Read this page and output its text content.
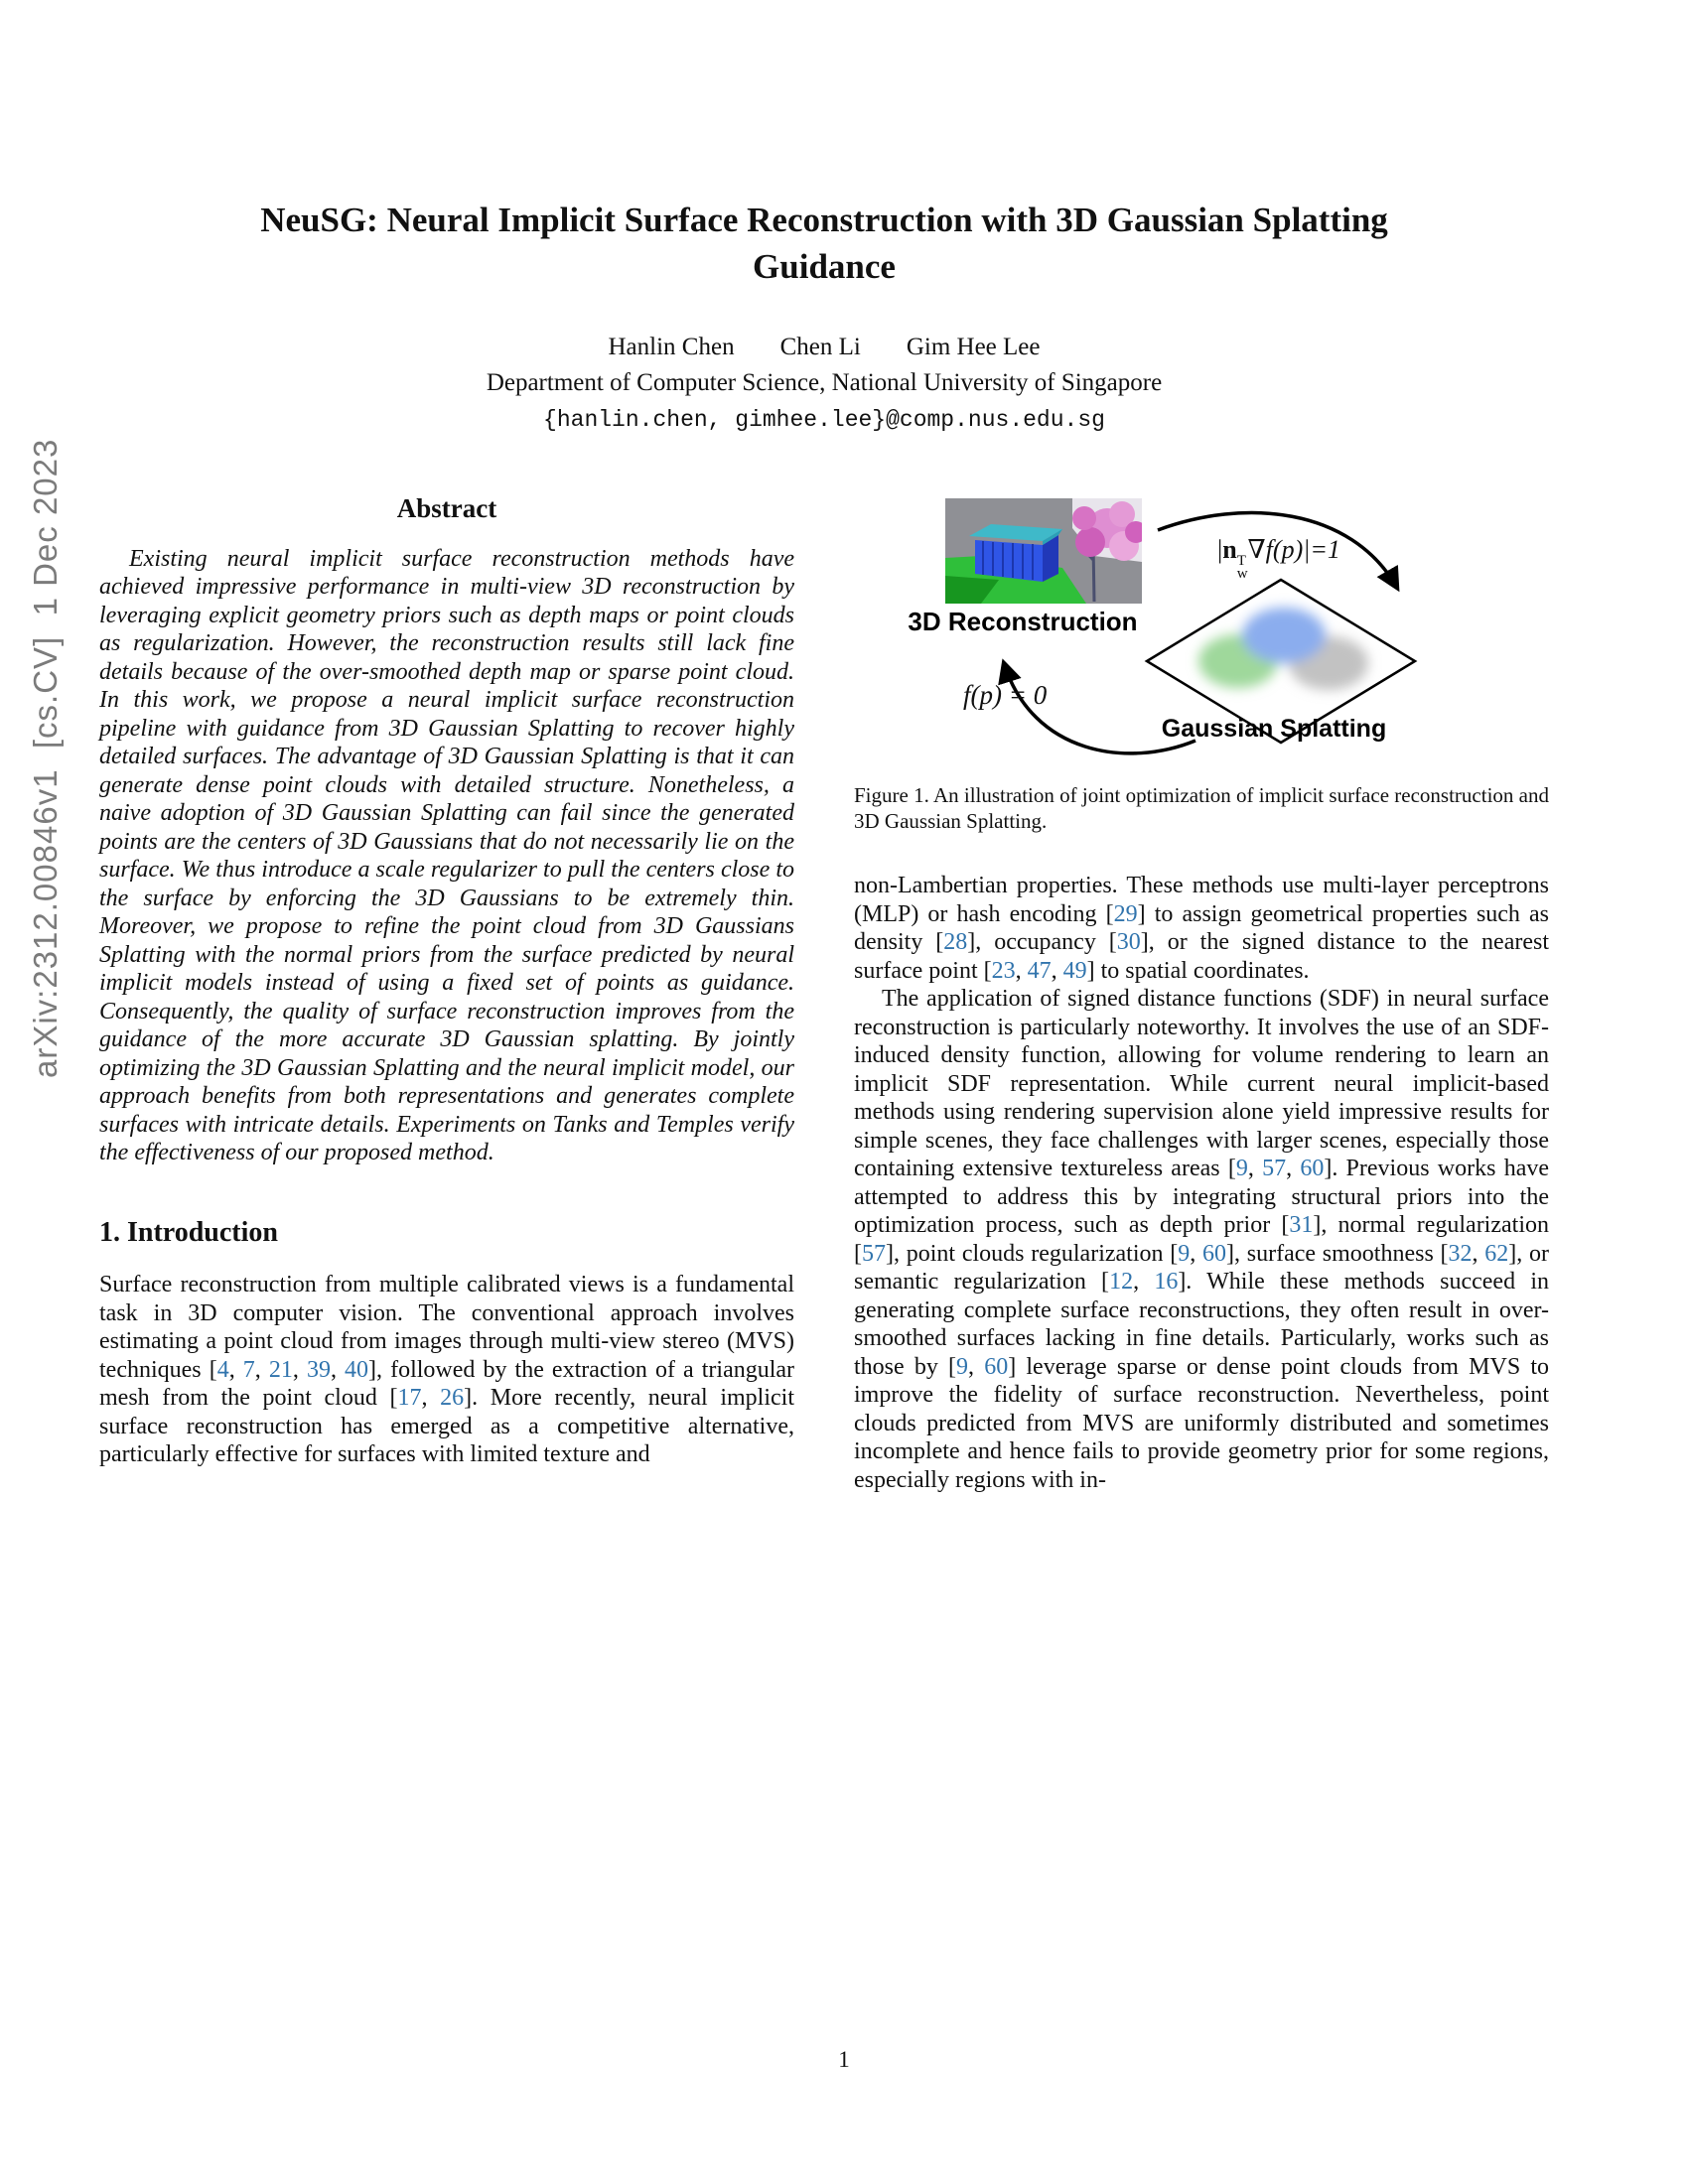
arXiv:2312.00846v1  [cs.CV]  1 Dec 2023
NeuSG: Neural Implicit Surface Reconstruction with 3D Gaussian Splatting
Guidance
Hanlin Chen Chen Li Gim Hee Lee
Department of Computer Science, National University of Singapore
{hanlin.chen, gimhee.lee}@comp.nus.edu.sg
Abstract
Existing neural implicit surface reconstruction methods have achieved impressive performance in multi-view 3D reconstruction by leveraging explicit geometry priors such as depth maps or point clouds as regularization. However, the reconstruction results still lack fine details because of the over-smoothed depth map or sparse point cloud. In this work, we propose a neural implicit surface reconstruction pipeline with guidance from 3D Gaussian Splatting to recover highly detailed surfaces. The advantage of 3D Gaussian Splatting is that it can generate dense point clouds with detailed structure. Nonetheless, a naive adoption of 3D Gaussian Splatting can fail since the generated points are the centers of 3D Gaussians that do not necessarily lie on the surface. We thus introduce a scale regularizer to pull the centers close to the surface by enforcing the 3D Gaussians to be extremely thin. Moreover, we propose to refine the point cloud from 3D Gaussians Splatting with the normal priors from the surface predicted by neural implicit models instead of using a fixed set of points as guidance. Consequently, the quality of surface reconstruction improves from the guidance of the more accurate 3D Gaussian splatting. By jointly optimizing the 3D Gaussian Splatting and the neural implicit model, our approach benefits from both representations and generates complete surfaces with intricate details. Experiments on Tanks and Temples verify the effectiveness of our proposed method.
1. Introduction
Surface reconstruction from multiple calibrated views is a fundamental task in 3D computer vision. The conventional approach involves estimating a point cloud from images through multi-view stereo (MVS) techniques [4, 7, 21, 39, 40], followed by the extraction of a triangular mesh from the point cloud [17, 26]. More recently, neural implicit surface reconstruction has emerged as a competitive alternative, particularly effective for surfaces with limited texture and
3D Reconstruction
Gaussian Splatting
|n T
w
∇f(p)|=1
f(p) = 0
Figure 1. An illustration of joint optimization of implicit surface reconstruction and 3D Gaussian Splatting.
non-Lambertian properties. These methods use multi-layer perceptrons (MLP) or hash encoding [29] to assign geometrical properties such as density [28], occupancy [30], or the signed distance to the nearest surface point [23, 47, 49] to spatial coordinates.
The application of signed distance functions (SDF) in neural surface reconstruction is particularly noteworthy. It involves the use of an SDF-induced density function, allowing for volume rendering to learn an implicit SDF representation. While current neural implicit-based methods using rendering supervision alone yield impressive results for simple scenes, they face challenges with larger scenes, especially those containing extensive textureless areas [9, 57, 60]. Previous works have attempted to address this by integrating structural priors into the optimization process, such as depth prior [31], normal regularization [57], point clouds regularization [9, 60], surface smoothness [32, 62], or semantic regularization [12, 16]. While these methods succeed in generating complete surface reconstructions, they often result in over-smoothed surfaces lacking in fine details. Particularly, works such as those by [9, 60] leverage sparse or dense point clouds from MVS to improve the fidelity of surface reconstruction. Nevertheless, point clouds predicted from MVS are uniformly distributed and sometimes incomplete and hence fails to provide geometry prior for some regions, especially regions with in-
1
